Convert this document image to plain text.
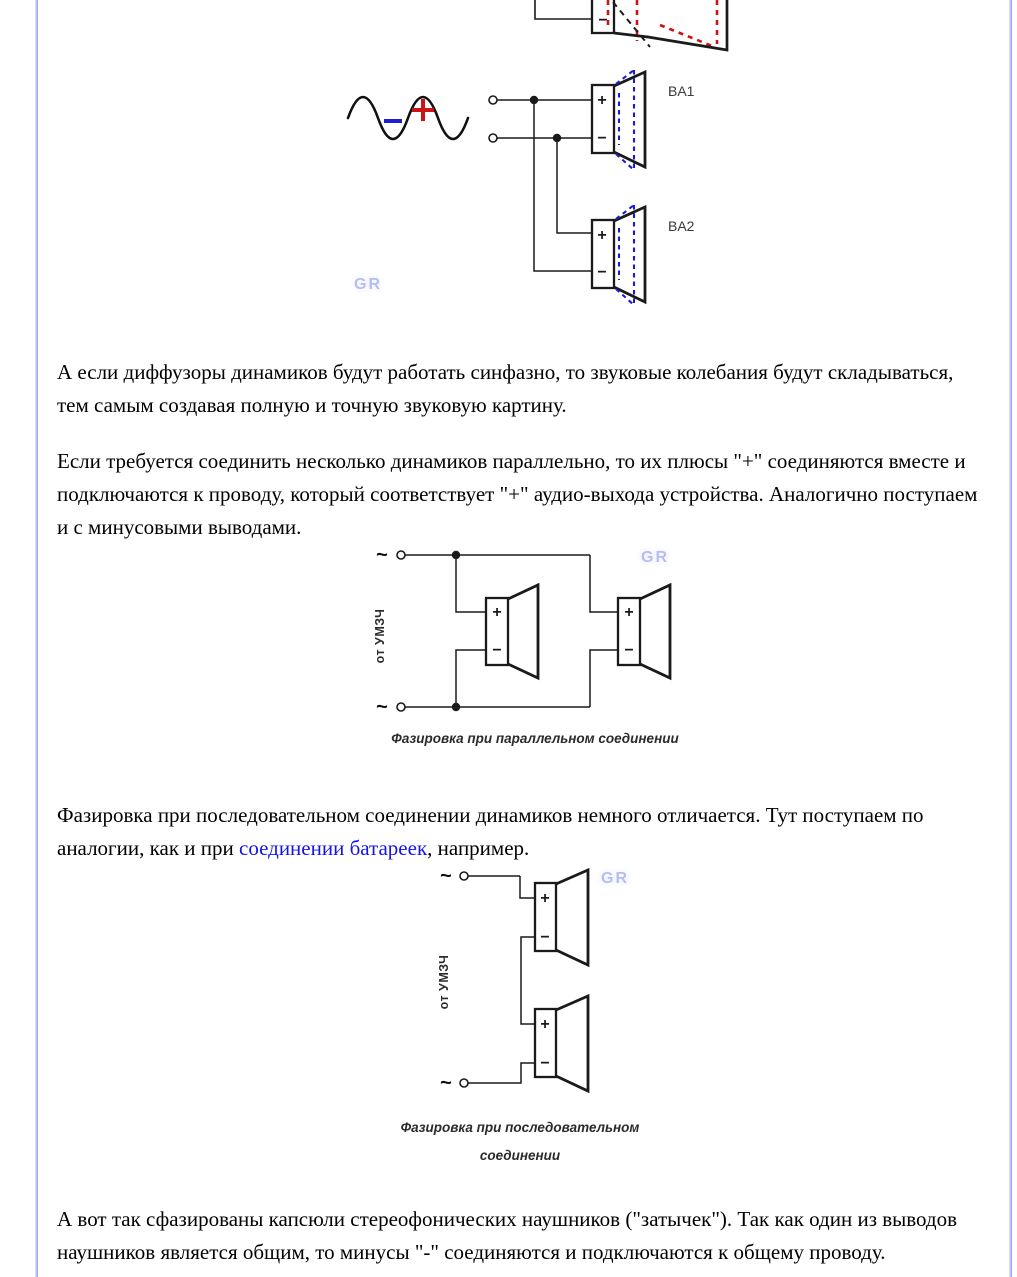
−
+
−
BA1
+
−
BA2
GR

А если диффузоры динамиков будут работать синфазно, то звуковые колебания будут складываться, тем самым создавая полную и точную звуковую картину.

Если требуется соединить несколько динамиков параллельно, то их плюсы "+" соединяются вместе и подключаются к проводу, который соответствует "+" аудио-выхода устройства. Аналогично поступаем и с минусовыми выводами.

~
~
от УМЗЧ	+
−
+
−
GR
Фазировка при параллельном соединении

Фазировка при последовательном соединении динамиков немного отличается. Тут поступаем по аналогии, как и при соединении батареек, например.

~
~
от УМЗЧ
+
−
+
−
GR
Фазировка при последовательном
соединении

А вот так сфазированы капсюли стереофонических наушников ("затычек"). Так как один из выводов наушников является общим, то минусы "-" соединяются и подключаются к общему проводу.
